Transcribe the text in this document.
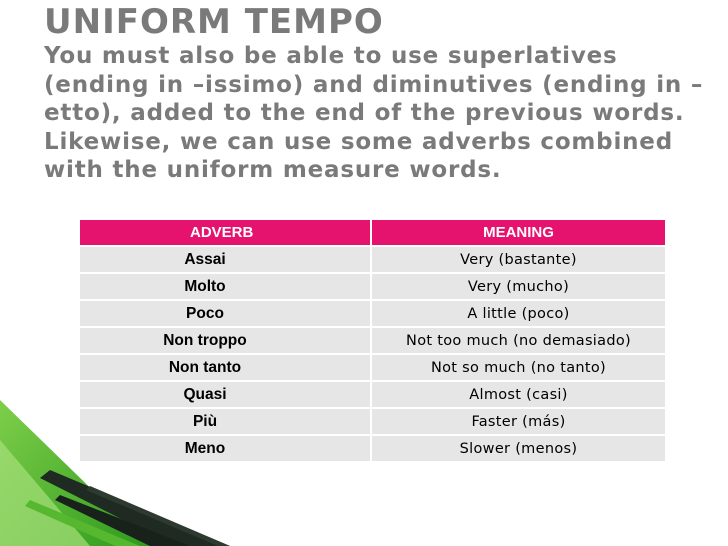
UNIFORM TEMPO
You must also be able to use superlatives (ending in –issimo) and diminutives (ending in –etto), added to the end of the previous words. Likewise, we can use some adverbs combined with the uniform measure words.
ADVERB	MEANING
Assai	Very (bastante)
Molto	Very (mucho)
Poco	A little (poco)
Non troppo	Not too much (no demasiado)
Non tanto	Not so much (no tanto)
Quasi	Almost (casi)
Più	Faster (más)
Meno	Slower (menos)
